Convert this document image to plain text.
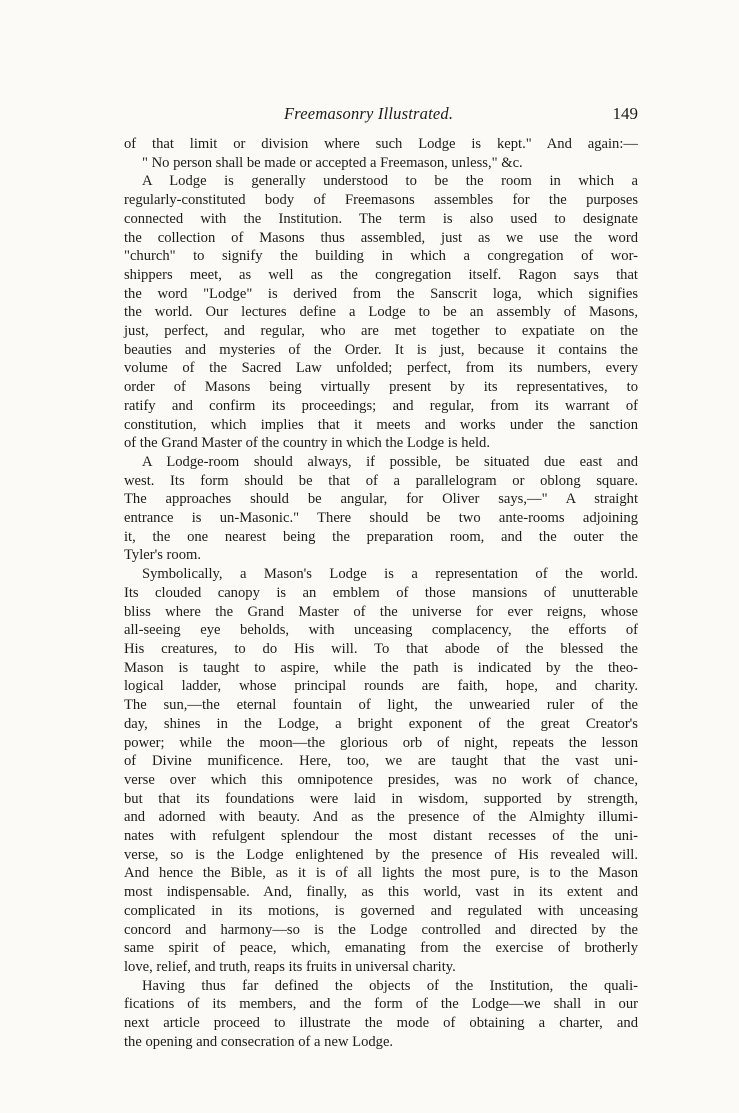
Freemasonry Illustrated.	149
of that limit or division where such Lodge is kept." And again:—
" No person shall be made or accepted a Freemason, unless," &c.
A Lodge is generally understood to be the room in which a
regularly-constituted body of Freemasons assembles for the purposes
connected with the Institution. The term is also used to designate
the collection of Masons thus assembled, just as we use the word
"church" to signify the building in which a congregation of wor-
shippers meet, as well as the congregation itself. Ragon says that
the word "Lodge" is derived from the Sanscrit loga, which signifies
the world. Our lectures define a Lodge to be an assembly of Masons,
just, perfect, and regular, who are met together to expatiate on the
beauties and mysteries of the Order. It is just, because it contains the
volume of the Sacred Law unfolded; perfect, from its numbers, every
order of Masons being virtually present by its representatives, to
ratify and confirm its proceedings; and regular, from its warrant of
constitution, which implies that it meets and works under the sanction
of the Grand Master of the country in which the Lodge is held.
A Lodge-room should always, if possible, be situated due east and
west. Its form should be that of a parallelogram or oblong square.
The approaches should be angular, for Oliver says,—" A straight
entrance is un-Masonic." There should be two ante-rooms adjoining
it, the one nearest being the preparation room, and the outer the
Tyler's room.
Symbolically, a Mason's Lodge is a representation of the world.
Its clouded canopy is an emblem of those mansions of unutterable
bliss where the Grand Master of the universe for ever reigns, whose
all-seeing eye beholds, with unceasing complacency, the efforts of
His creatures, to do His will. To that abode of the blessed the
Mason is taught to aspire, while the path is indicated by the theo-
logical ladder, whose principal rounds are faith, hope, and charity.
The sun,—the eternal fountain of light, the unwearied ruler of the
day, shines in the Lodge, a bright exponent of the great Creator's
power; while the moon—the glorious orb of night, repeats the lesson
of Divine munificence. Here, too, we are taught that the vast uni-
verse over which this omnipotence presides, was no work of chance,
but that its foundations were laid in wisdom, supported by strength,
and adorned with beauty. And as the presence of the Almighty illumi-
nates with refulgent splendour the most distant recesses of the uni-
verse, so is the Lodge enlightened by the presence of His revealed will.
And hence the Bible, as it is of all lights the most pure, is to the Mason
most indispensable. And, finally, as this world, vast in its extent and
complicated in its motions, is governed and regulated with unceasing
concord and harmony—so is the Lodge controlled and directed by the
same spirit of peace, which, emanating from the exercise of brotherly
love, relief, and truth, reaps its fruits in universal charity.
Having thus far defined the objects of the Institution, the quali-
fications of its members, and the form of the Lodge—we shall in our
next article proceed to illustrate the mode of obtaining a charter, and
the opening and consecration of a new Lodge.
